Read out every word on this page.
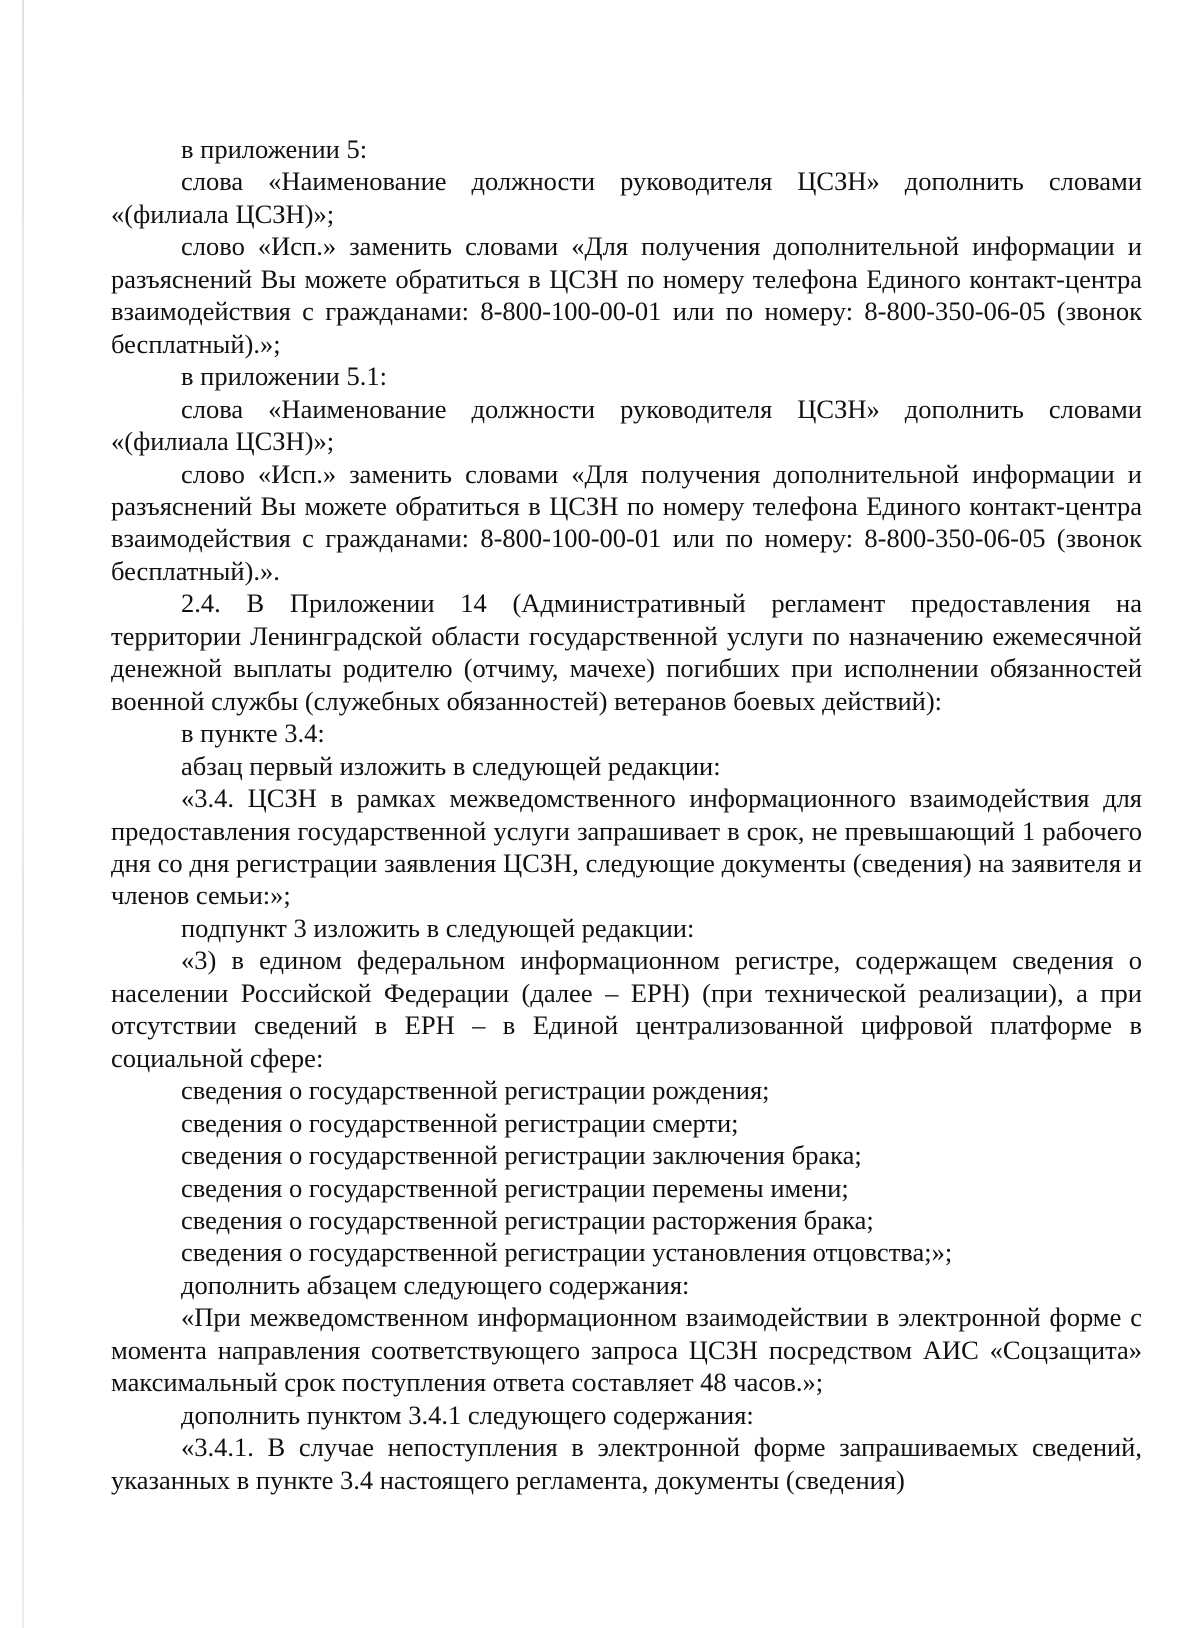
в приложении 5:

слова «Наименование должности руководителя ЦСЗН» дополнить словами «(филиала ЦСЗН)»;

слово «Исп.» заменить словами «Для получения дополнительной информации и разъяснений Вы можете обратиться в ЦСЗН по номеру телефона Единого контакт-центра взаимодействия с гражданами: 8-800-100-00-01 или по номеру: 8-800-350-06-05 (звонок бесплатный).»;

в приложении 5.1:

слова «Наименование должности руководителя ЦСЗН» дополнить словами «(филиала ЦСЗН)»;

слово «Исп.» заменить словами «Для получения дополнительной информации и разъяснений Вы можете обратиться в ЦСЗН по номеру телефона Единого контакт-центра взаимодействия с гражданами: 8-800-100-00-01 или по номеру: 8-800-350-06-05 (звонок бесплатный).».

2.4. В Приложении 14 (Административный регламент предоставления на территории Ленинградской области государственной услуги по назначению ежемесячной денежной выплаты родителю (отчиму, мачехе) погибших при исполнении обязанностей военной службы (служебных обязанностей) ветеранов боевых действий):

в пункте 3.4:

абзац первый изложить в следующей редакции:

«3.4. ЦСЗН в рамках межведомственного информационного взаимодействия для предоставления государственной услуги запрашивает в срок, не превышающий 1 рабочего дня со дня регистрации заявления ЦСЗН, следующие документы (сведения) на заявителя и членов семьи:»;

подпункт 3 изложить в следующей редакции:

«3) в едином федеральном информационном регистре, содержащем сведения о населении Российской Федерации (далее – ЕРН) (при технической реализации), а при отсутствии сведений в ЕРН – в Единой централизованной цифровой платформе в социальной сфере:

сведения о государственной регистрации рождения;

сведения о государственной регистрации смерти;

сведения о государственной регистрации заключения брака;

сведения о государственной регистрации перемены имени;

сведения о государственной регистрации расторжения брака;

сведения о государственной регистрации установления отцовства;»;

дополнить абзацем следующего содержания:

«При межведомственном информационном взаимодействии в электронной форме с момента направления соответствующего запроса ЦСЗН посредством АИС «Соцзащита» максимальный срок поступления ответа составляет 48 часов.»;

дополнить пунктом 3.4.1 следующего содержания:

«3.4.1. В случае непоступления в электронной форме запрашиваемых сведений, указанных в пункте 3.4 настоящего регламента, документы (сведения)
